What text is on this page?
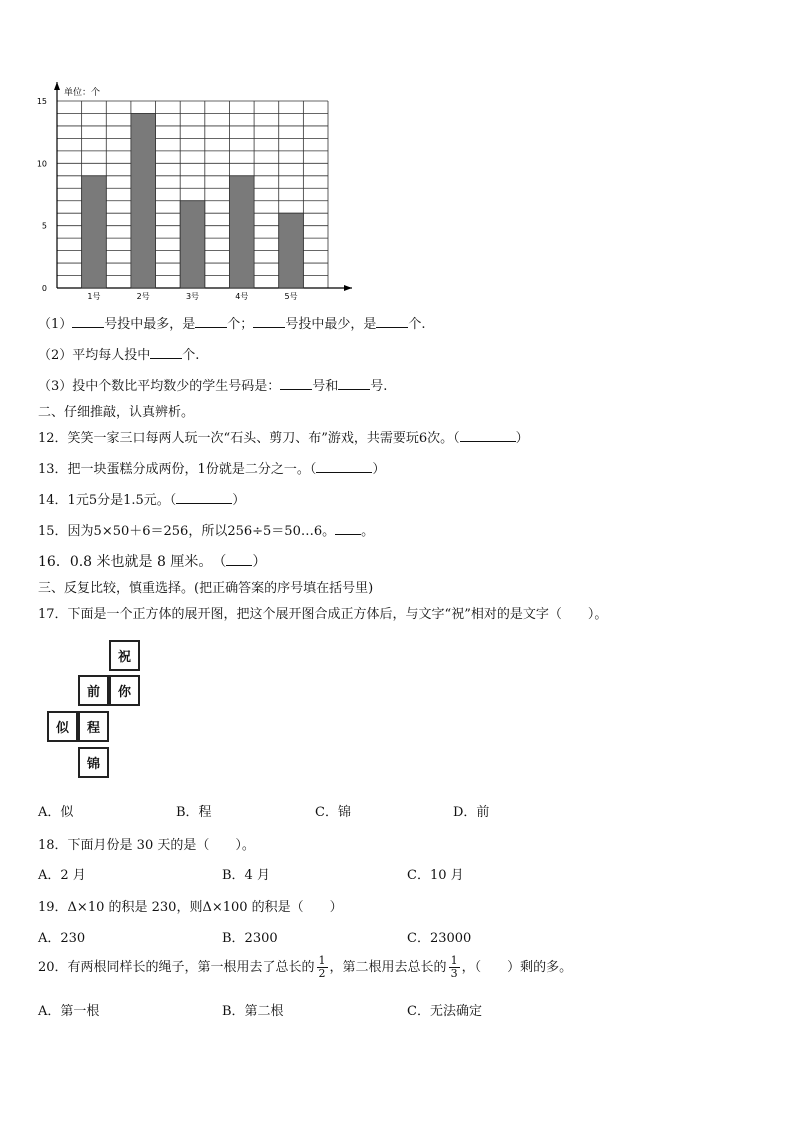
0
5
10
15
1号	2号	3号	4号	5号
单位：个
（1） 号投中最多，是 个； 号投中最少，是 个.
（2）平均每人投中 个.
（3）投中个数比平均数少的学生号码是： 号和 号.
二、仔细推敲，认真辨析。
12．笑笑一家三口每两人玩一次“石头、剪刀、布”游戏，共需要玩6次。（	）
13．把一块蛋糕分成两份，1份就是二分之一。（	）
14．1元5分是1.5元。（	）
15．因为5×50＋6＝256，所以256÷5＝50…6。 。
16．0.8 米也就是 8 厘米。　（ ）
三、反复比较，慎重选择。(把正确答案的序号填在括号里)
17．下面是一个正方体的展开图，把这个展开图合成正方体后，与文字“祝”相对的是文字（　　）。
祝
你
前
似	程
锦
A．似	B．程	C．锦	D．前
18．下面月份是 30 天的是（　　）。
A．2 月	B．4 月	C．10 月
19．Δ×10 的积是 230，则Δ×100 的积是（　　）
A．230	B．2300	C．23000
20．有两根同样长的绳子，第一根用去了总长的 $\frac{1}{2}$ ，第二根用去总长的 $\frac{1}{3}$ ，（　　）剩的多。
A．第一根	B．第二根	C．无法确定
